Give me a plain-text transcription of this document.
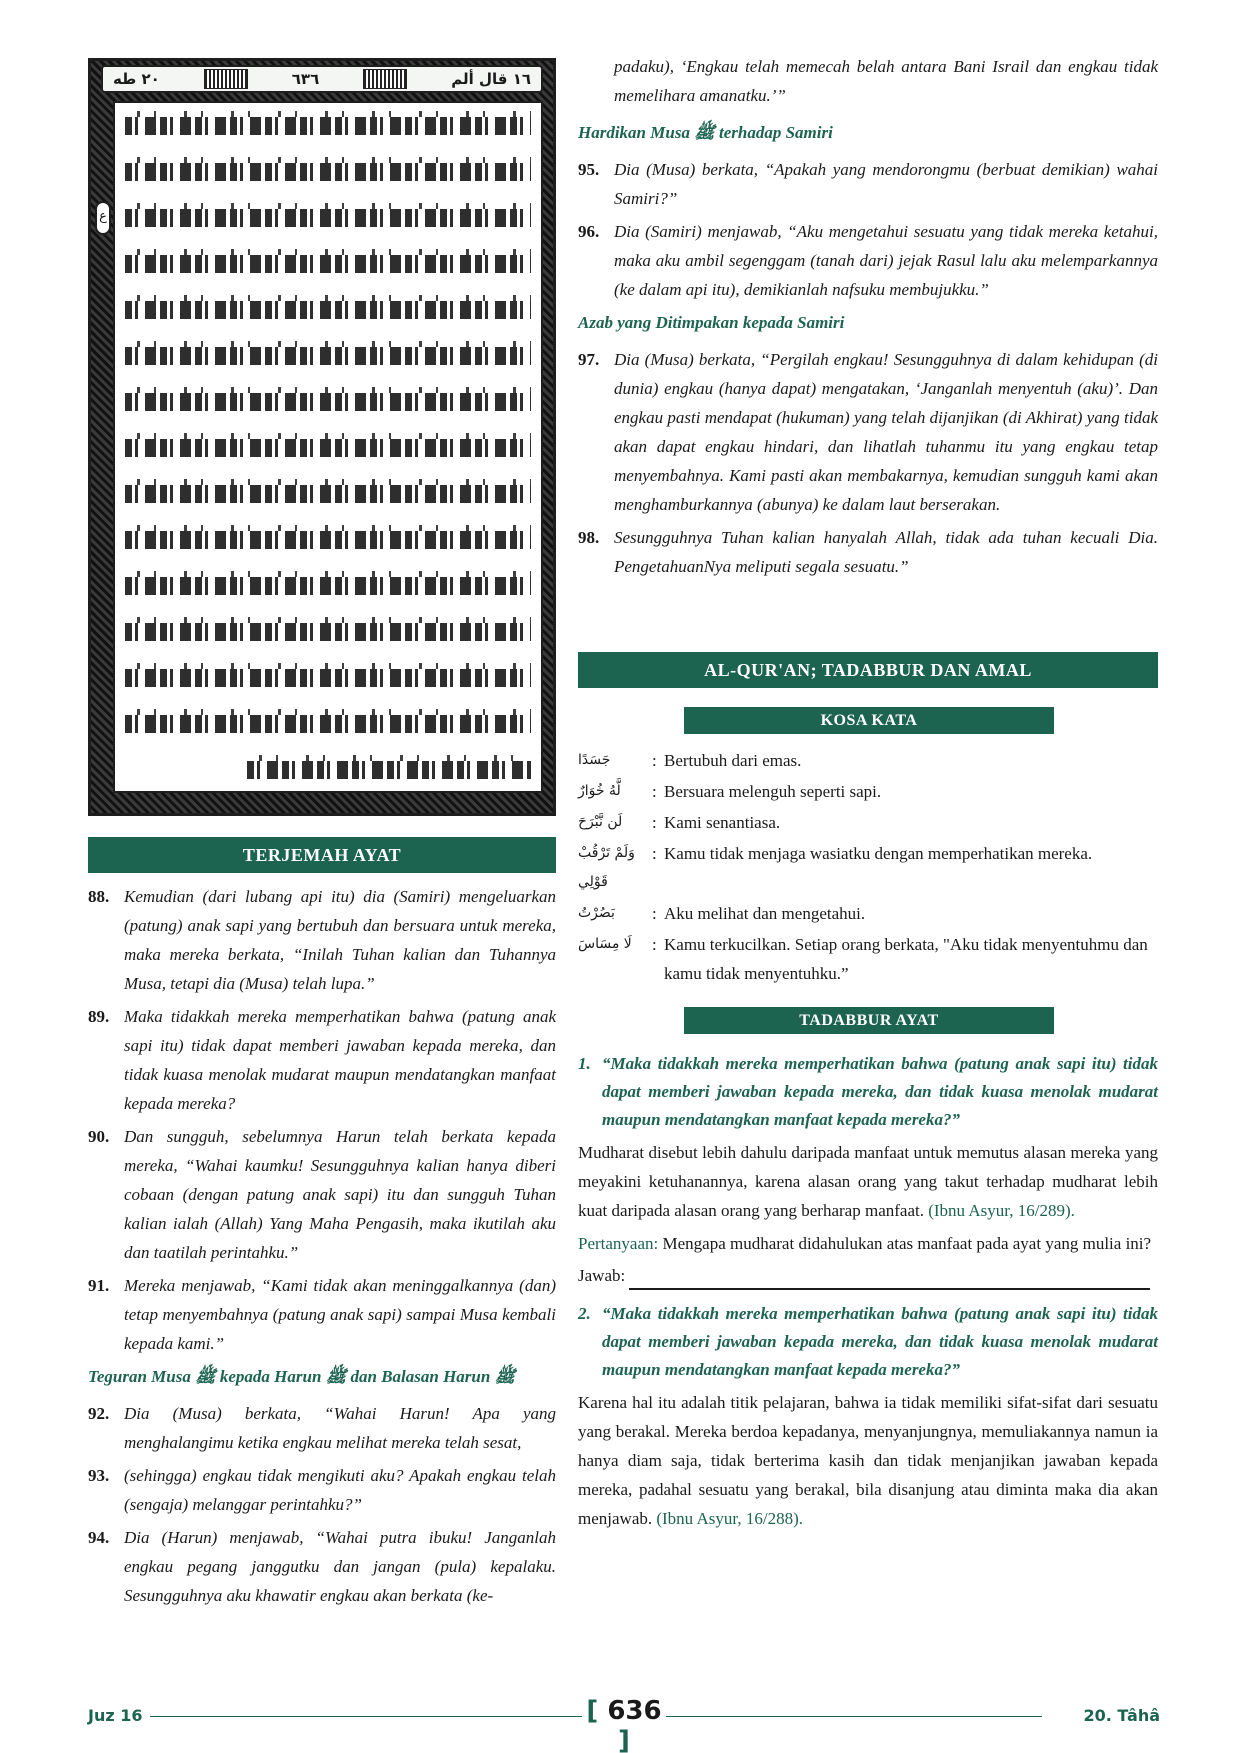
٢٠ طه	٦٣٦	١٦ قال ألم
ع
TERJEMAH AYAT
88. Kemudian (dari lubang api itu) dia (Samiri) mengeluarkan (patung) anak sapi yang bertubuh dan bersuara untuk mereka, maka mereka berkata, “Inilah Tuhan kalian dan Tuhannya Musa, tetapi dia (Musa) telah lupa.”
89. Maka tidakkah mereka memperhatikan bahwa (patung anak sapi itu) tidak dapat memberi jawaban kepada mereka, dan tidak kuasa menolak mudarat maupun mendatangkan manfaat kepada mereka?
90. Dan sungguh, sebelumnya Harun telah berkata kepada mereka, “Wahai kaumku! Sesungguhnya kalian hanya diberi cobaan (dengan patung anak sapi) itu dan sungguh Tuhan kalian ialah (Allah) Yang Maha Pengasih, maka ikutilah aku dan taatilah perintahku.”
91. Mereka menjawab, “Kami tidak akan meninggalkannya (dan) tetap menyembahnya (patung anak sapi) sampai Musa kembali kepada kami.”
Teguran Musa ﷺ kepada Harun ﷺ dan Balasan Harun ﷺ
92. Dia (Musa) berkata, “Wahai Harun! Apa yang menghalangimu ketika engkau melihat mereka telah sesat,
93. (sehingga) engkau tidak mengikuti aku? Apakah engkau telah (sengaja) melanggar perintahku?”
94. Dia (Harun) menjawab, “Wahai putra ibuku! Janganlah engkau pegang janggutku dan jangan (pula) kepalaku. Sesungguhnya aku khawatir engkau akan berkata (ke-
padaku), ‘Engkau telah memecah belah antara Bani Israil dan engkau tidak memelihara amanatku.’”
Hardikan Musa ﷺ terhadap Samiri
95. Dia (Musa) berkata, “Apakah yang mendorongmu (berbuat demikian) wahai Samiri?”
96. Dia (Samiri) menjawab, “Aku mengetahui sesuatu yang tidak mereka ketahui, maka aku ambil segenggam (tanah dari) jejak Rasul lalu aku melemparkannya (ke dalam api itu), demikianlah nafsuku membujukku.”
Azab yang Ditimpakan kepada Samiri
97. Dia (Musa) berkata, “Pergilah engkau! Sesungguhnya di dalam kehidupan (di dunia) engkau (hanya dapat) mengatakan, ‘Janganlah menyentuh (aku)’. Dan engkau pasti mendapat (hukuman) yang telah dijanjikan (di Akhirat) yang tidak akan dapat engkau hindari, dan lihatlah tuhanmu itu yang engkau tetap menyembahnya. Kami pasti akan membakarnya, kemudian sungguh kami akan menghamburkannya (abunya) ke dalam laut berserakan.
98. Sesungguhnya Tuhan kalian hanyalah Allah, tidak ada tuhan kecuali Dia. PengetahuanNya meliputi segala sesuatu.”
AL-QUR'AN; TADABBUR DAN AMAL
KOSA KATA
جَسَدًا	: Bertubuh dari emas.
لَّهُ خُوَارٌ	: Bersuara melenguh seperti sapi.
لَن نَّبْرَحَ	: Kami senantiasa.
وَلَمْ تَرْقُبْ قَوْلِي
: Kamu tidak menjaga wasiatku dengan memperhatikan mereka.
بَصُرْتُ	: Aku melihat dan mengetahui.
لَا مِسَاسَ	: Kamu terkucilkan. Setiap orang berkata, "Aku tidak menyentuhmu dan kamu tidak menyentuhku.”
TADABBUR AYAT
1. “Maka tidakkah mereka memperhatikan bahwa (patung anak sapi itu) tidak dapat memberi jawaban kepada mereka, dan tidak kuasa menolak mudarat maupun mendatangkan manfaat kepada mereka?”

Mudharat disebut lebih dahulu daripada manfaat untuk memutus alasan mereka yang meyakini ketuhanannya, karena alasan orang yang takut terhadap mudharat lebih kuat daripada alasan orang yang berharap manfaat. (Ibnu Asyur, 16/289).

Pertanyaan: Mengapa mudharat didahulukan atas manfaat pada ayat yang mulia ini?

Jawab:
2. “Maka tidakkah mereka memperhatikan bahwa (patung anak sapi itu) tidak dapat memberi jawaban kepada mereka, dan tidak kuasa menolak mudarat maupun mendatangkan manfaat kepada mereka?”

Karena hal itu adalah titik pelajaran, bahwa ia tidak memiliki sifat-sifat dari sesuatu yang berakal. Mereka berdoa kepadanya, menyanjungnya, memuliakannya namun ia hanya diam saja, tidak berterima kasih dan tidak menjanjikan jawaban kepada mereka, padahal sesuatu yang berakal, bila disanjung atau diminta maka dia akan menjawab. (Ibnu Asyur, 16/288).

Juz 16	[ 636 ]
20. Tâhâ
